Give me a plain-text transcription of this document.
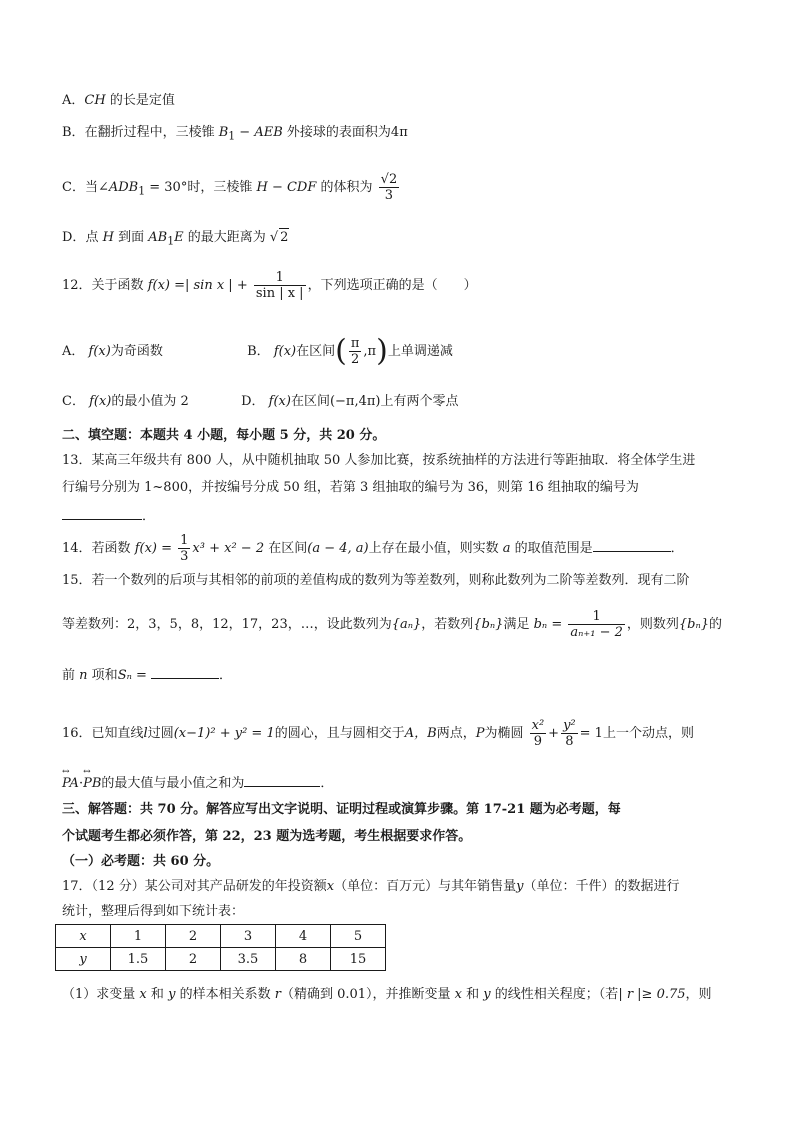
A．CH 的长是定值
B．在翻折过程中，三棱锥 $B_1$ − AEB 外接球的表面积为4π
C．当$\angle ADB_1 = 30^\circ$时，三棱锥 H − CDF 的体积为 $\frac{√2}{3}$
D．点 H 到面 $AB_1E$ 的最大距离为 √ 2
12．关于函数 f(x) =| sin x | + $\frac{1}{\sin | x |}$ ，下列选项正确的是（　　）
A． f(x)为奇函数	B． f(x)在区间( $\frac{\pi}{2} ,\pi$)上单调递减
C． f(x)的最小值为 2	D． f(x)在区间(−π,4π)上有两个零点
二、填空题：本题共 4 小题，每小题 5 分，共 20 分。
13．某高三年级共有 800 人，从中随机抽取 50 人参加比赛，按系统抽样的方法进行等距抽取．将全体学生进
行编号分别为 1~800，并按编号分成 50 组，若第 3 组抽取的编号为 36，则第 16 组抽取的编号为
．
14．若函数 $f(x) = \frac{1}{3} x^3 + x^2 - 2$ 在区间(a − 4, a)上存在最小值，则实数 a 的取值范围是	．
15．若一个数列的后项与其相邻的前项的差值构成的数列为等差数列，则称此数列为二阶等差数列．现有二阶
等差数列：2，3，5，8，12，17，23，…，设此数列为{aₙ}，若数列{bₙ}满足 $b_n = \frac{1}{\text{aₙ₊₁ − 2}}$ ，则数列{bₙ}的
前 n 项和Sₙ =	．
16．已知直线l过圆(x−1)² + y² = 1的圆心，且与圆相交于A，B两点，P为椭圆 $\frac{\text{x²}}{9} + \frac{\text{y²}}{8} = 1$上一个动点，则
↔ PA·↔ PB的最大值与最小值之和为	．
三、解答题：共 70 分。解答应写出文字说明、证明过程或演算步骤。第 17-21 题为必考题，每
个试题考生都必须作答，第 22，23 题为选考题，考生根据要求作答。
（一）必考题：共 60 分。
17．（12 分）某公司对其产品研发的年投资额x（单位：百万元）与其年销售量y（单位：千件）的数据进行
统计，整理后得到如下统计表：
x	1	2	3	4	5
y	1.5	2	3.5	8	15
（1）求变量 x 和 y 的样本相关系数 r（精确到 0.01），并推断变量 x 和 y 的线性相关程度；（若| r |≥ 0.75，则
